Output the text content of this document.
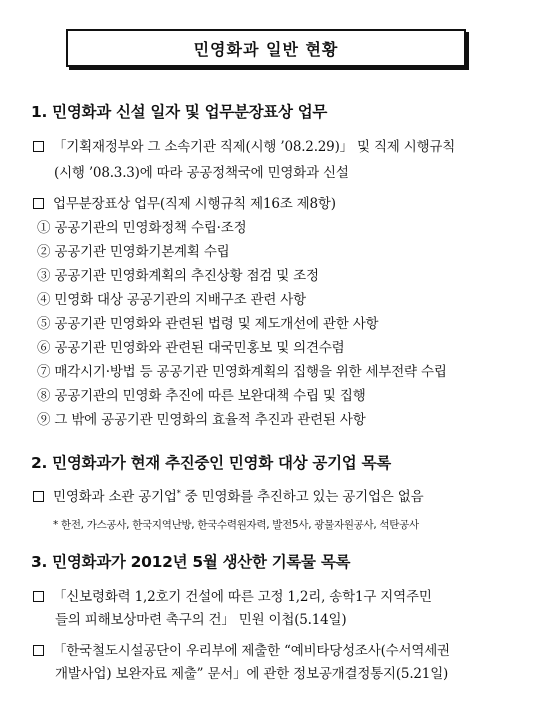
민영화과 일반 현황
1. 민영화과 신설 일자 및 업무분장표상 업무
「기획재정부와 그 소속기관 직제(시행 ’08.2.29)」 및 직제 시행규칙
(시행 ’08.3.3)에 따라 공공정책국에 민영화과 신설
업무분장표상 업무(직제 시행규칙 제16조 제8항)
① 공공기관의 민영화정책 수립·조정
② 공공기관 민영화기본계획 수립
③ 공공기관 민영화계획의 추진상황 점검 및 조정
④ 민영화 대상 공공기관의 지배구조 관련 사항
⑤ 공공기관 민영화와 관련된 법령 및 제도개선에 관한 사항
⑥ 공공기관 민영화와 관련된 대국민홍보 및 의견수렴
⑦ 매각시기·방법 등 공공기관 민영화계획의 집행을 위한 세부전략 수립
⑧ 공공기관의 민영화 추진에 따른 보완대책 수립 및 집행
⑨ 그 밖에 공공기관 민영화의 효율적 추진과 관련된 사항
2. 민영화과가 현재 추진중인 민영화 대상 공기업 목록
민영화과 소관 공기업* 중 민영화를 추진하고 있는 공기업은 없음
* 한전, 가스공사, 한국지역난방, 한국수력원자력, 발전5사, 광물자원공사, 석탄공사
3. 민영화과가 2012년 5월 생산한 기록물 목록
「신보령화력 1,2호기 건설에 따른 고정 1,2리, 송학1구 지역주민
들의 피해보상마련 촉구의 건」 민원 이첩(5.14일)
「한국철도시설공단이 우리부에 제출한 “예비타당성조사(수서역세권
개발사업) 보완자료 제출” 문서」에 관한 정보공개결정통지(5.21일)
